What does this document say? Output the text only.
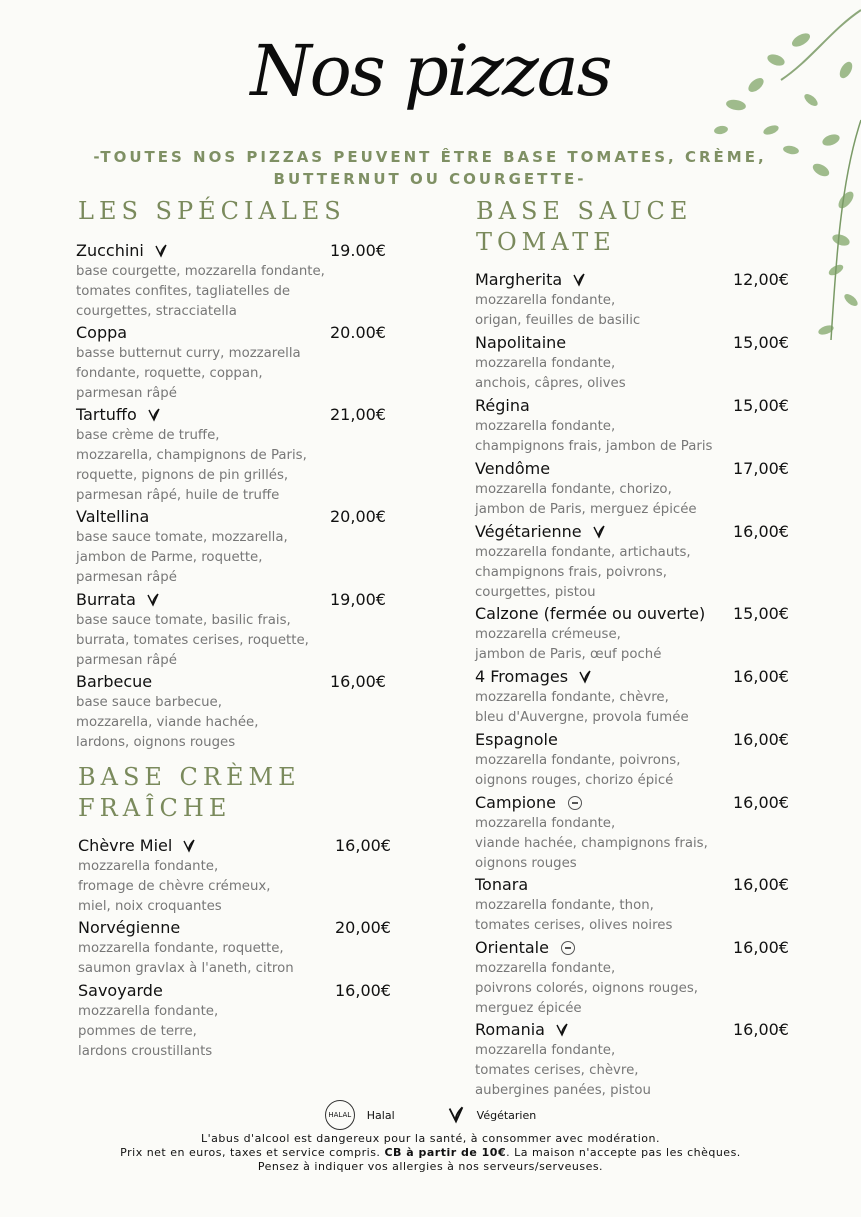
Nos pizzas
-TOUTES NOS PIZZAS PEUVENT ÊTRE BASE TOMATES, CRÈME, BUTTERNUT OU COURGETTE-
LES SPÉCIALES
BASE CRÈME
FRAÎCHE
BASE SAUCE
TOMATE
Zucchini	19.00€
base courgette, mozzarella fondante,
tomates confites, tagliatelles de
courgettes, stracciatella
Coppa	20.00€
basse butternut curry, mozzarella
fondante, roquette, coppan,
parmesan râpé
Tartuffo	21,00€
base crème de truffe,
mozzarella, champignons de Paris,
roquette, pignons de pin grillés,
parmesan râpé, huile de truffe
Valtellina	20,00€
base sauce tomate, mozzarella,
jambon de Parme, roquette,
parmesan râpé
Burrata	19,00€
base sauce tomate, basilic frais,
burrata, tomates cerises, roquette,
parmesan râpé
Barbecue	16,00€
base sauce barbecue,
mozzarella, viande hachée,
lardons, oignons rouges
Chèvre Miel	16,00€
mozzarella fondante,
fromage de chèvre crémeux,
miel, noix croquantes
Norvégienne	20,00€
mozzarella fondante, roquette,
saumon gravlax à l'aneth, citron
Savoyarde	16,00€
mozzarella fondante,
pommes de terre,
lardons croustillants
Margherita	12,00€
mozzarella fondante,
origan, feuilles de basilic
Napolitaine	15,00€
mozzarella fondante,
anchois, câpres, olives
Régina	15,00€
mozzarella fondante,
champignons frais, jambon de Paris
Vendôme	17,00€
mozzarella fondante, chorizo,
jambon de Paris, merguez épicée
Végétarienne	16,00€
mozzarella fondante, artichauts,
champignons frais, poivrons,
courgettes, pistou
Calzone (fermée ou ouverte) 15,00€
mozzarella crémeuse,
jambon de Paris, œuf poché
4 Fromages	16,00€
mozzarella fondante, chèvre,
bleu d'Auvergne, provola fumée
Espagnole	16,00€
mozzarella fondante, poivrons,
oignons rouges, chorizo épicé
Campione	16,00€
mozzarella fondante,
viande hachée, champignons frais,
oignons rouges
Tonara	16,00€
mozzarella fondante, thon,
tomates cerises, olives noires
Orientale	16,00€
mozzarella fondante,
poivrons colorés, oignons rouges,
merguez épicée
Romania	16,00€
mozzarella fondante,
tomates cerises, chèvre,
aubergines panées, pistou
HALAL Halal	Végétarien
L'abus d'alcool est dangereux pour la santé, à consommer avec modération.
Prix net en euros, taxes et service compris. CB à partir de 10€. La maison n'accepte pas les chèques.
Pensez à indiquer vos allergies à nos serveurs/serveuses.
